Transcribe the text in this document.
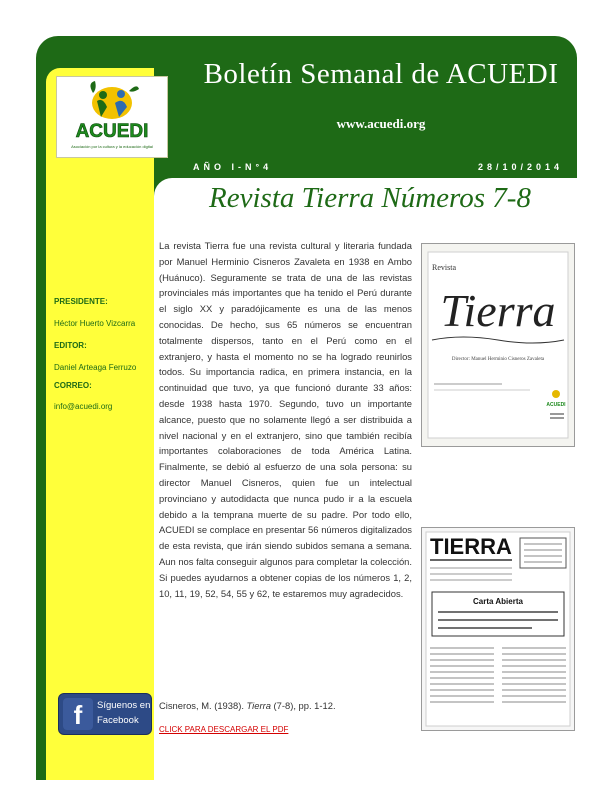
ACUEDI
Asociación por la cultura y la educación digital
Boletín Semanal de ACUEDI
www.acuedi.org
AÑO I-N°4	28/10/2014
Revista Tierra Números 7-8
PRESIDENTE:
Héctor Huerto Vizcarra
EDITOR:
Daniel Arteaga Ferruzo
CORREO:
info@acuedi.org
La revista Tierra fue una revista cultural y literaria fundada por Manuel Herminio Cisneros Zavaleta en 1938 en Ambo (Huánuco). Seguramente se trata de una de las revistas provinciales más importantes que ha tenido el Perú durante el siglo XX y paradójicamente es una de las menos conocidas. De hecho, sus 65 números se encuentran totalmente dispersos, tanto en el Perú como en el extranjero, y hasta el momento no se ha logrado reunirlos todos. Su importancia radica, en primera instancia, en la continuidad que tuvo, ya que funcionó durante 33 años: desde 1938 hasta 1970. Segundo, tuvo un importante alcance, puesto que no solamente llegó a ser distribuida a nivel nacional y en el extranjero, sino que también recibía importantes colaboraciones de toda América Latina. Finalmente, se debió al esfuerzo de una sola persona: su director Manuel Cisneros, quien fue un intelectual provinciano y autodidacta que nunca pudo ir a la escuela debido a la temprana muerte de su padre. Por todo ello, ACUEDI se complace en presentar 56 números digitalizados de esta revista, que irán siendo subidos semana a semana. Aun nos falta conseguir algunos para completar la colección. Si puedes ayudarnos a obtener copias de los números 1, 2, 10, 11, 19, 52, 54, 55 y 62, te estaremos muy agradecidos.
Cisneros, M. (1938). Tierra (7-8), pp. 1-12.
CLICK PARA DESCARGAR EL PDF
f	Síguenos en
Facebook
Revista
Tierra
Director: Manuel Herminio Cisneros Zavaleta
ACUEDI
TIERRA
Carta Abierta
